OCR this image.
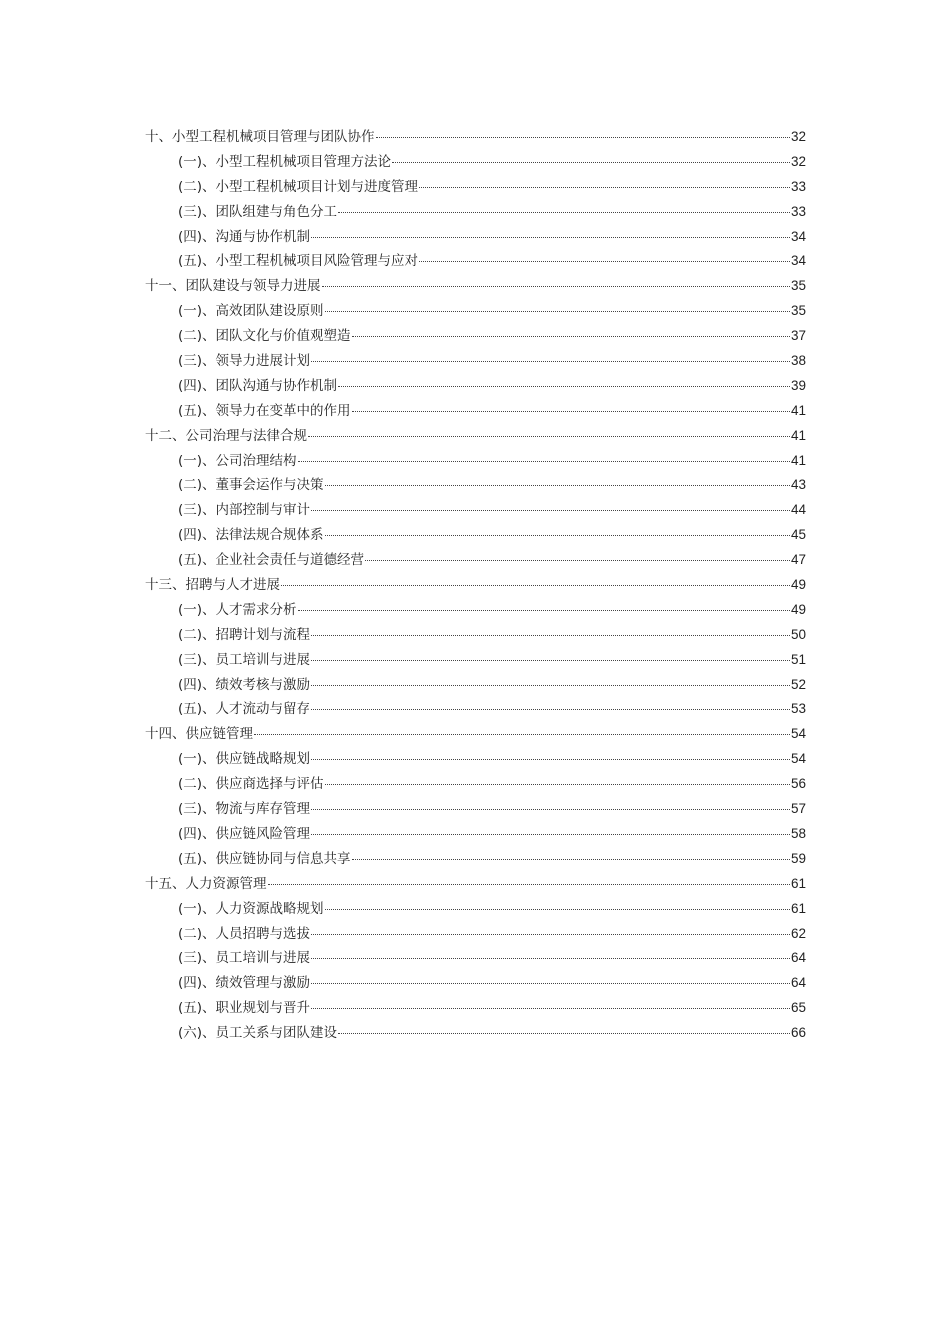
十、小型工程机械项目管理与团队协作	32
(一)、小型工程机械项目管理方法论	32
(二)、小型工程机械项目计划与进度管理	33
(三)、团队组建与角色分工	33
(四)、沟通与协作机制	34
(五)、小型工程机械项目风险管理与应对	34
十一、团队建设与领导力进展	35
(一)、高效团队建设原则	35
(二)、团队文化与价值观塑造	37
(三)、领导力进展计划	38
(四)、团队沟通与协作机制	39
(五)、领导力在变革中的作用	41
十二、公司治理与法律合规	41
(一)、公司治理结构	41
(二)、董事会运作与决策	43
(三)、内部控制与审计	44
(四)、法律法规合规体系	45
(五)、企业社会责任与道德经营	47
十三、招聘与人才进展	49
(一)、人才需求分析	49
(二)、招聘计划与流程	50
(三)、员工培训与进展	51
(四)、绩效考核与激励	52
(五)、人才流动与留存	53
十四、供应链管理	54
(一)、供应链战略规划	54
(二)、供应商选择与评估	56
(三)、物流与库存管理	57
(四)、供应链风险管理	58
(五)、供应链协同与信息共享	59
十五、人力资源管理	61
(一)、人力资源战略规划	61
(二)、人员招聘与选拔	62
(三)、员工培训与进展	64
(四)、绩效管理与激励	64
(五)、职业规划与晋升	65
(六)、员工关系与团队建设	66
